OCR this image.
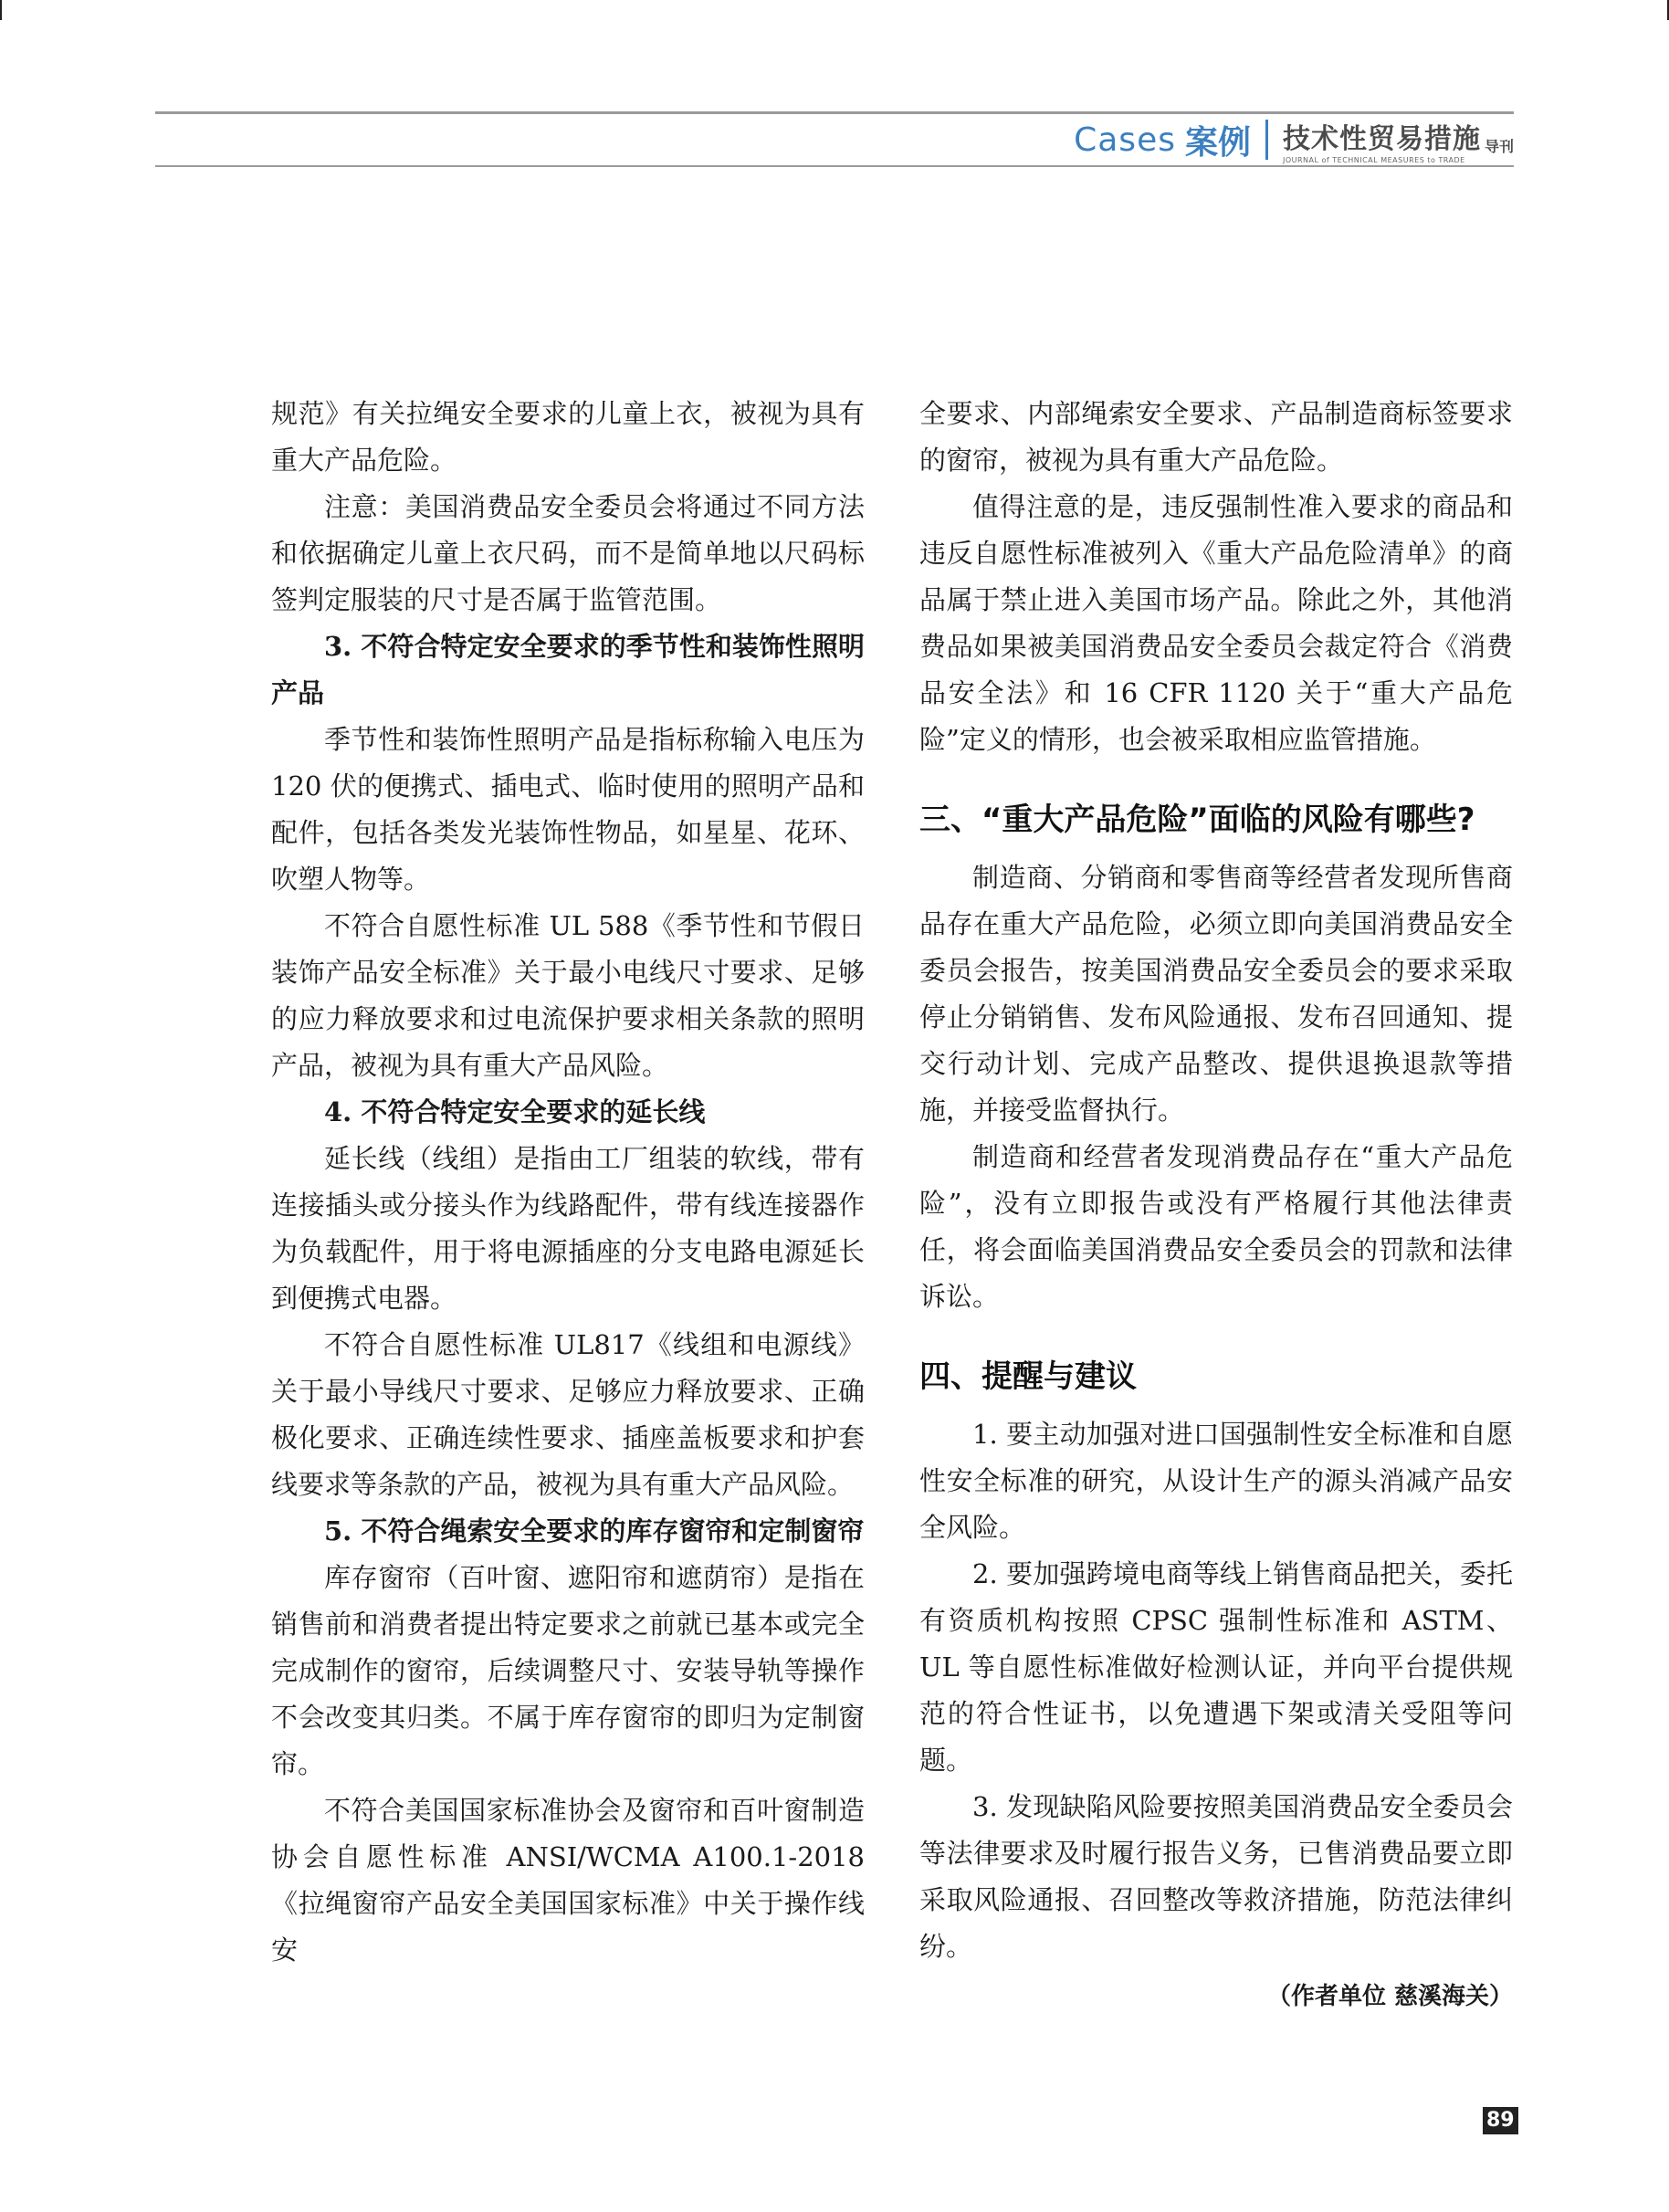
Cases 案例 技术性贸易措施 导刊
JOURNAL of TECHNICAL MEASURES to TRADE

规范》有关拉绳安全要求的儿童上衣，被视为具有重大产品危险。

注意：美国消费品安全委员会将通过不同方法和依据确定儿童上衣尺码，而不是简单地以尺码标签判定服装的尺寸是否属于监管范围。

3. 不符合特定安全要求的季节性和装饰性照明产品

季节性和装饰性照明产品是指标称输入电压为 120 伏的便携式、插电式、临时使用的照明产品和配件，包括各类发光装饰性物品，如星星、花环、吹塑人物等。

不符合自愿性标准 UL 588《季节性和节假日装饰产品安全标准》关于最小电线尺寸要求、足够的应力释放要求和过电流保护要求相关条款的照明产品，被视为具有重大产品风险。

4. 不符合特定安全要求的延长线

延长线（线组）是指由工厂组装的软线，带有连接插头或分接头作为线路配件，带有线连接器作为负载配件，用于将电源插座的分支电路电源延长到便携式电器。

不符合自愿性标准 UL817《线组和电源线》关于最小导线尺寸要求、足够应力释放要求、正确极化要求、正确连续性要求、插座盖板要求和护套线要求等条款的产品，被视为具有重大产品风险。

5. 不符合绳索安全要求的库存窗帘和定制窗帘

库存窗帘（百叶窗、遮阳帘和遮荫帘）是指在销售前和消费者提出特定要求之前就已基本或完全完成制作的窗帘，后续调整尺寸、安装导轨等操作不会改变其归类。不属于库存窗帘的即归为定制窗帘。

不符合美国国家标准协会及窗帘和百叶窗制造协会自愿性标准 ANSI/WCMA A100.1-2018《拉绳窗帘产品安全美国国家标准》中关于操作线安

全要求、内部绳索安全要求、产品制造商标签要求的窗帘，被视为具有重大产品危险。

值得注意的是，违反强制性准入要求的商品和违反自愿性标准被列入《重大产品危险清单》的商品属于禁止进入美国市场产品。除此之外，其他消费品如果被美国消费品安全委员会裁定符合《消费品安全法》和 16 CFR 1120 关于“重大产品危险”定义的情形，也会被采取相应监管措施。

三、“重大产品危险”面临的风险有哪些?

制造商、分销商和零售商等经营者发现所售商品存在重大产品危险，必须立即向美国消费品安全委员会报告，按美国消费品安全委员会的要求采取停止分销销售、发布风险通报、发布召回通知、提交行动计划、完成产品整改、提供退换退款等措施，并接受监督执行。

制造商和经营者发现消费品存在“重大产品危险”，没有立即报告或没有严格履行其他法律责任，将会面临美国消费品安全委员会的罚款和法律诉讼。

四、提醒与建议

1. 要主动加强对进口国强制性安全标准和自愿性安全标准的研究，从设计生产的源头消减产品安全风险。

2. 要加强跨境电商等线上销售商品把关，委托有资质机构按照 CPSC 强制性标准和 ASTM、UL 等自愿性标准做好检测认证，并向平台提供规范的符合性证书，以免遭遇下架或清关受阻等问题。

3. 发现缺陷风险要按照美国消费品安全委员会等法律要求及时履行报告义务，已售消费品要立即采取风险通报、召回整改等救济措施，防范法律纠纷。

（作者单位 慈溪海关）
89
